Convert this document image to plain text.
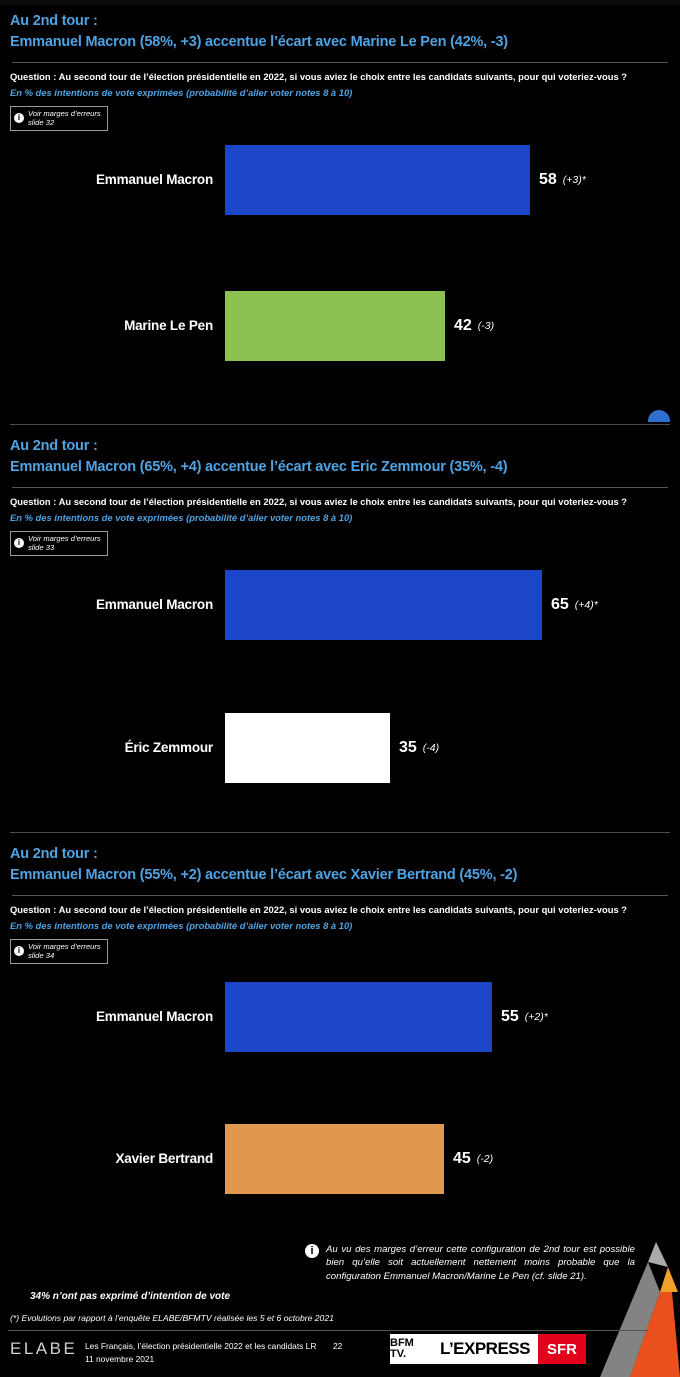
Au 2nd tour :
Emmanuel Macron (58%, +3) accentue l’écart avec Marine Le Pen (42%, -3)
Question : Au second tour de l’élection présidentielle en 2022, si vous aviez le choix entre les candidats suivants, pour qui voteriez-vous ?
En % des intentions de vote exprimées (probabilité d’aller voter notes 8 à 10)
i	Voir marges d’erreurs
slide 32
Emmanuel Macron	58 (+3)*
Marine Le Pen	42 (-3)
Au 2nd tour :
Emmanuel Macron (65%, +4) accentue l’écart avec Eric Zemmour (35%, -4)
Question : Au second tour de l’élection présidentielle en 2022, si vous aviez le choix entre les candidats suivants, pour qui voteriez-vous ?
En % des intentions de vote exprimées (probabilité d’aller voter notes 8 à 10)
i	Voir marges d’erreurs
slide 33
Emmanuel Macron	65 (+4)*
Éric Zemmour	35 (-4)
Au 2nd tour :
Emmanuel Macron (55%, +2) accentue l’écart avec Xavier Bertrand (45%, -2)
Question : Au second tour de l’élection présidentielle en 2022, si vous aviez le choix entre les candidats suivants, pour qui voteriez-vous ?
En % des intentions de vote exprimées (probabilité d’aller voter notes 8 à 10)
i	Voir marges d’erreurs
slide 34
Emmanuel Macron	55 (+2)*
Xavier Bertrand	45 (-2)
i	Au vu des marges d’erreur cette configuration de 2nd tour est possible bien qu’elle soit actuellement nettement moins probable que la configuration Emmanuel Macron/Marine Le Pen (cf. slide 21).
34% n’ont pas exprimé d’intention de vote
(*) Evolutions par rapport à l’enquête ELABE/BFMTV réalisée les 5 et 6 octobre 2021
ELABE Les Français, l’élection présidentielle 2022 et les candidats LR
11 novembre 2021
22	BFM TV.	L’EXPRESS	SFR
